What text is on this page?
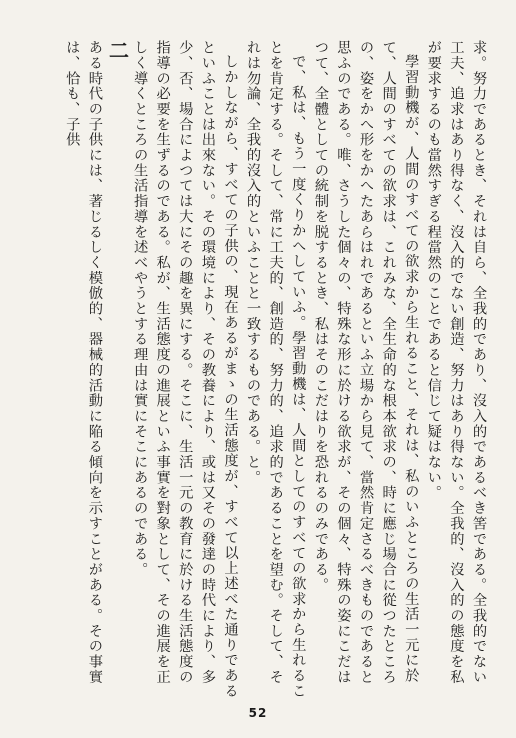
求。努力であるとき、それは自ら、全我的であり、沒入的であるべき筈である。全我的でない工夫、追求はあり得なく、沒入的でない創造、努力はあり得ない。全我的、沒入的の態度を私が要求するのも當然すぎる程當然のことであると信じて疑はない。

學習動機が、人間のすべての欲求から生れること、それは、私のいふところの生活一元に於て、人間のすべての欲求は、これみな、全生命的な根本欲求の、時に應じ場合に從つたところの、姿をかへ形をかへたあらはれであるといふ立場から見て、當然肯定さるべきものであると思ふのである。唯、さうした個々の、特殊な形に於ける欲求が、その個々、特殊の姿にこだはつて、全體としての統制を脱するとき、私はそのこだはりを恐れるのみである。

で、私は、もう一度くりかへしていふ。學習動機は、人間としてのすべての欲求から生れることを肯定する。そして、常に工夫的、創造的、努力的、追求的であることを望む。そして、それは勿論、全我的沒入的といふことと一致するものである。と。

しかしながら、すべての子供の、現在あるがまゝの生活態度が、すべて以上述べた通りであるといふことは出來ない。その環境により、その教養により、或は又その發達の時代により、多少、否、場合によつては大にその趣を異にする。そこに、生活一元の教育に於ける生活態度の指導の必要を生ずるのである。私が、生活態度の進展といふ事實を對象として、その進展を正しく導くところの生活指導を述べやうとする理由は實にそこにあるのである。

二

ある時代の子供には、著じるしく模倣的、器械的活動に陥る傾向を示すことがある。その事實は、恰も、子供

52
